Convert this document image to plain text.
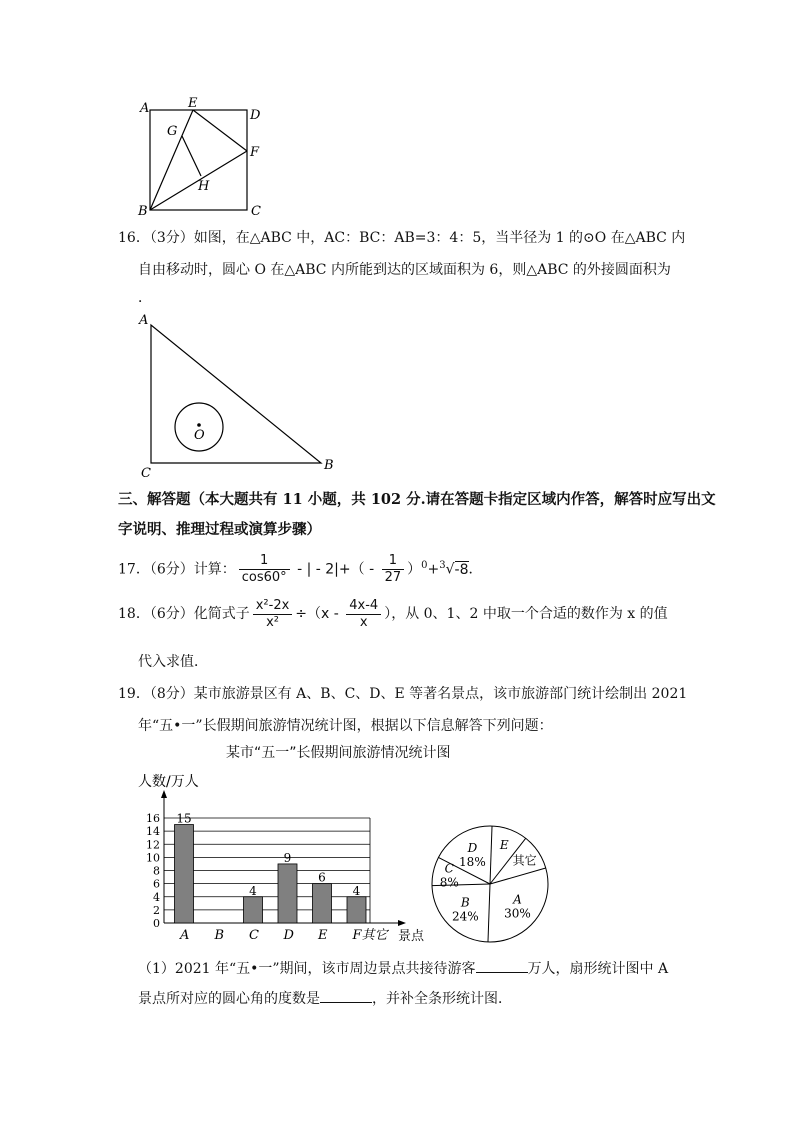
A	E
D
G
F
H
B	C
16．（3分）如图，在△ABC 中，AC：BC：AB=3：4：5，当半径为 1 的⊙O 在△ABC 内
自由移动时，圆心 O 在△ABC 内所能到达的区域面积为 6，则△ABC 的外接圆面积为
．
A
O
C
B
三、解答题（本大题共有 11 小题，共 102 分.请在答题卡指定区域内作答，解答时应写出文
字说明、推理过程或演算步骤）
17．（6分）计算： $\frac{1}{\cos 60^\circ}$ - | - $2|+( - \frac{1}{27} )^0+^3√-8$．
18．（6分）化简式子 $\frac{\text{x²-2x}}{\text{x²}} \div(x - \frac{4x-4}{x}$ ），从 0、1、2 中取一个合适的数作为 x 的值
代入求值．
19．（8分）某市旅游景区有 A、B、C、D、E 等著名景点，该市旅游部门统计绘制出 2021
年“五•一”长假期间旅游情况统计图，根据以下信息解答下列问题：
某市“五一”长假期间旅游情况统计图
人数/万人
0
2
4
6
8
10
12
14
16
A B C D E F其它
15
4
9
6
4
景点
E
其它
A
30%
B
24%
C
8%
D
18%
（1）2021 年“五•一”期间，该市周边景点共接待游客	万人，扇形统计图中 A
景点所对应的圆心角的度数是	，并补全条形统计图．
